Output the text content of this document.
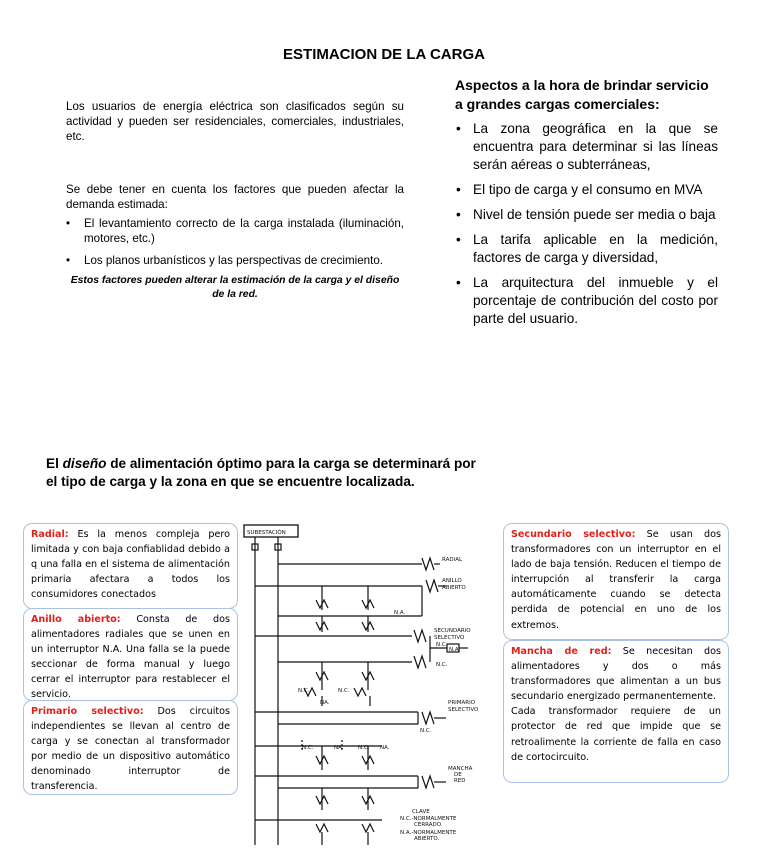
ESTIMACION DE LA CARGA

Los usuarios de energía eléctrica son clasificados según su actividad y pueden ser residenciales, comerciales, industriales, etc.

Se debe tener en cuenta los factores que pueden afectar la demanda estimada:

• El levantamiento correcto de la carga instalada (iluminación, motores, etc.)
• Los planos urbanísticos y las perspectivas de crecimiento.

Estos factores pueden alterar la estimación de la carga y el diseño de la red.

Aspectos a la hora de brindar servicio a grandes cargas comerciales:

• La zona geográfica en la que se encuentra para determinar si las líneas serán aéreas o subterráneas,
• El tipo de carga y el consumo en MVA
• Nivel de tensión puede ser media o baja
• La tarifa aplicable en la medición, factores de carga y diversidad,
• La arquitectura del inmueble y el porcentaje de contribución del costo por parte del usuario.
El diseño de alimentación óptimo para la carga se determinará por el tipo de carga y la zona en que se encuentre localizada.

Radial: Es la menos compleja pero limitada y con baja confiablidad debido a q una falla en el sistema de alimentación primaria afectara a todos los consumidores conectados

Anillo abierto: Consta de dos alimentadores radiales que se unen en un interruptor N.A. Una falla se la puede seccionar de forma manual y luego cerrar el interruptor para restablecer el servicio.

Primario selectivo: Dos circuitos independientes se llevan al centro de carga y se conectan al transformador por medio de un dispositivo automático denominado interruptor de transferencia.

Secundario selectivo: Se usan dos transformadores con un interruptor en el lado de baja tensión. Reducen el tiempo de interrupción al transferir la carga automáticamente cuando se detecta perdida de potencial en uno de los extremos.

Mancha de red: Se necesitan dos alimentadores y dos o más transformadores que alimentan a un bus secundario energizado permanentemente.

Cada transformador requiere de un protector de red que impide que se retroalimente la corriente de falla en caso de cortocircuito.

SUBESTACIÓN
RADIAL
ANILLO
ABIERTO
N.A.
SECUNDARIO
SELECTIVO
N.C.
N.A.
N.C.
N.C.	N.C.
NA.	PRIMARIO
SELECTIVO
N.C.
N.C.	NA.	N.C. NA.
MANCHA
DE
RED
CLAVE
N.C.-NORMALMENTE
CERRADO.
N.A.-NORMALMENTE
ABIERTO.
